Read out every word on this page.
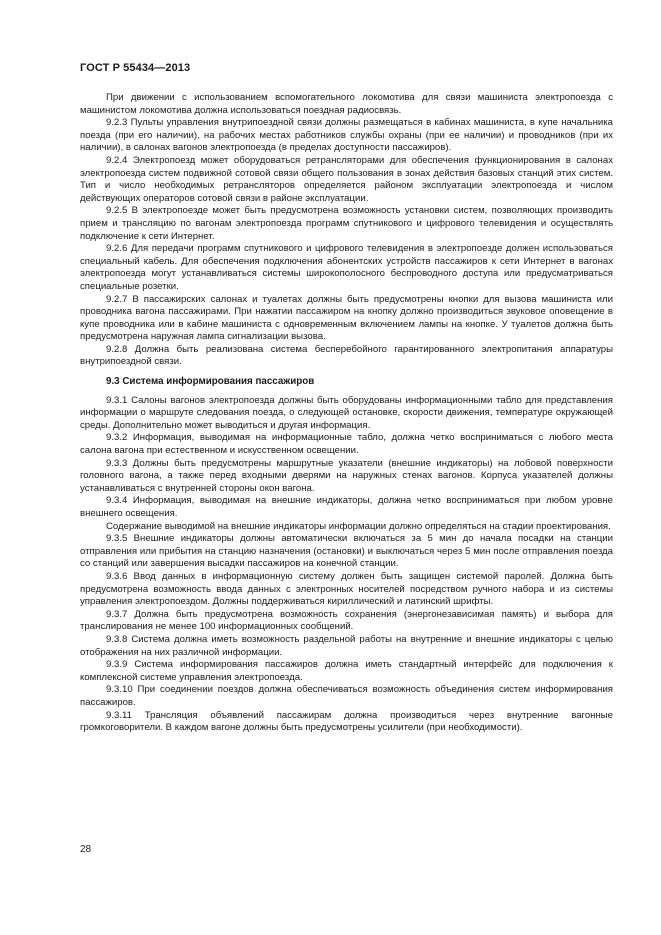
ГОСТ Р 55434—2013

При движении с использованием вспомогательного локомотива для связи машиниста электропоезда с машинистом локомотива должна использоваться поездная радиосвязь.

9.2.3 Пульты управления внутрипоездной связи должны размещаться в кабинах машиниста, в купе начальника поезда (при его наличии), на рабочих местах работников службы охраны (при ее наличии) и проводников (при их наличии), в салонах вагонов электропоезда (в пределах доступности пассажиров).

9.2.4 Электропоезд может оборудоваться ретрансляторами для обеспечения функционирования в салонах электропоезда систем подвижной сотовой связи общего пользования в зонах действия базовых станций этих систем. Тип и число необходимых ретрансляторов определяется районом эксплуатации электропоезда и числом действующих операторов сотовой связи в районе эксплуатации.

9.2.5 В электропоезде может быть предусмотрена возможность установки систем, позволяющих производить прием и трансляцию по вагонам электропоезда программ спутникового и цифрового телевидения и осуществлять подключение к сети Интернет.

9.2.6 Для передачи программ спутникового и цифрового телевидения в электропоезде должен использоваться специальный кабель. Для обеспечения подключения абонентских устройств пассажиров к сети Интернет в вагонах электропоезда могут устанавливаться системы широкополосного беспроводного доступа или предусматриваться специальные розетки.

9.2.7 В пассажирских салонах и туалетах должны быть предусмотрены кнопки для вызова машиниста или проводника вагона пассажирами. При нажатии пассажиром на кнопку должно производиться звуковое оповещение в купе проводника или в кабине машиниста с одновременным включением лампы на кнопке. У туалетов должна быть предусмотрена наружная лампа сигнализации вызова.

9.2.8 Должна быть реализована система бесперебойного гарантированного электропитания аппаратуры внутрипоездной связи.

9.3 Система информирования пассажиров

9.3.1 Салоны вагонов электропоезда должны быть оборудованы информационными табло для представления информации о маршруте следования поезда, о следующей остановке, скорости движения, температуре окружающей среды. Дополнительно может выводиться и другая информация.

9.3.2 Информация, выводимая на информационные табло, должна четко восприниматься с любого места салона вагона при естественном и искусственном освещении.

9.3.3 Должны быть предусмотрены маршрутные указатели (внешние индикаторы) на лобовой поверхности головного вагона, а также перед входными дверями на наружных стенах вагонов. Корпуса указателей должны устанавливаться с внутренней стороны окон вагона.

9.3.4 Информация, выводимая на внешние индикаторы, должна четко восприниматься при любом уровне внешнего освещения.

Содержание выводимой на внешние индикаторы информации должно определяться на стадии проектирования.

9.3.5 Внешние индикаторы должны автоматически включаться за 5 мин до начала посадки на станции отправления или прибытия на станцию назначения (остановки) и выключаться через 5 мин после отправления поезда со станций или завершения высадки пассажиров на конечной станции.

9.3.6 Ввод данных в информационную систему должен быть защищен системой паролей. Должна быть предусмотрена возможность ввода данных с электронных носителей посредством ручного набора и из системы управления электропоездом. Должны поддерживаться кириллический и латинский шрифты.

9.3.7 Должна быть предусмотрена возможность сохранения (энергонезависимая память) и выбора для транслирования не менее 100 информационных сообщений.

9.3.8 Система должна иметь возможность раздельной работы на внутренние и внешние индикаторы с целью отображения на них различной информации.

9.3.9 Система информирования пассажиров должна иметь стандартный интерфейс для подключения к комплексной системе управления электропоезда.

9.3.10 При соединении поездов должна обеспечиваться возможность объединения систем информирования пассажиров.

9.3.11 Трансляция объявлений пассажирам должна производиться через внутренние вагонные громкоговорители. В каждом вагоне должны быть предусмотрены усилители (при необходимости).

28
